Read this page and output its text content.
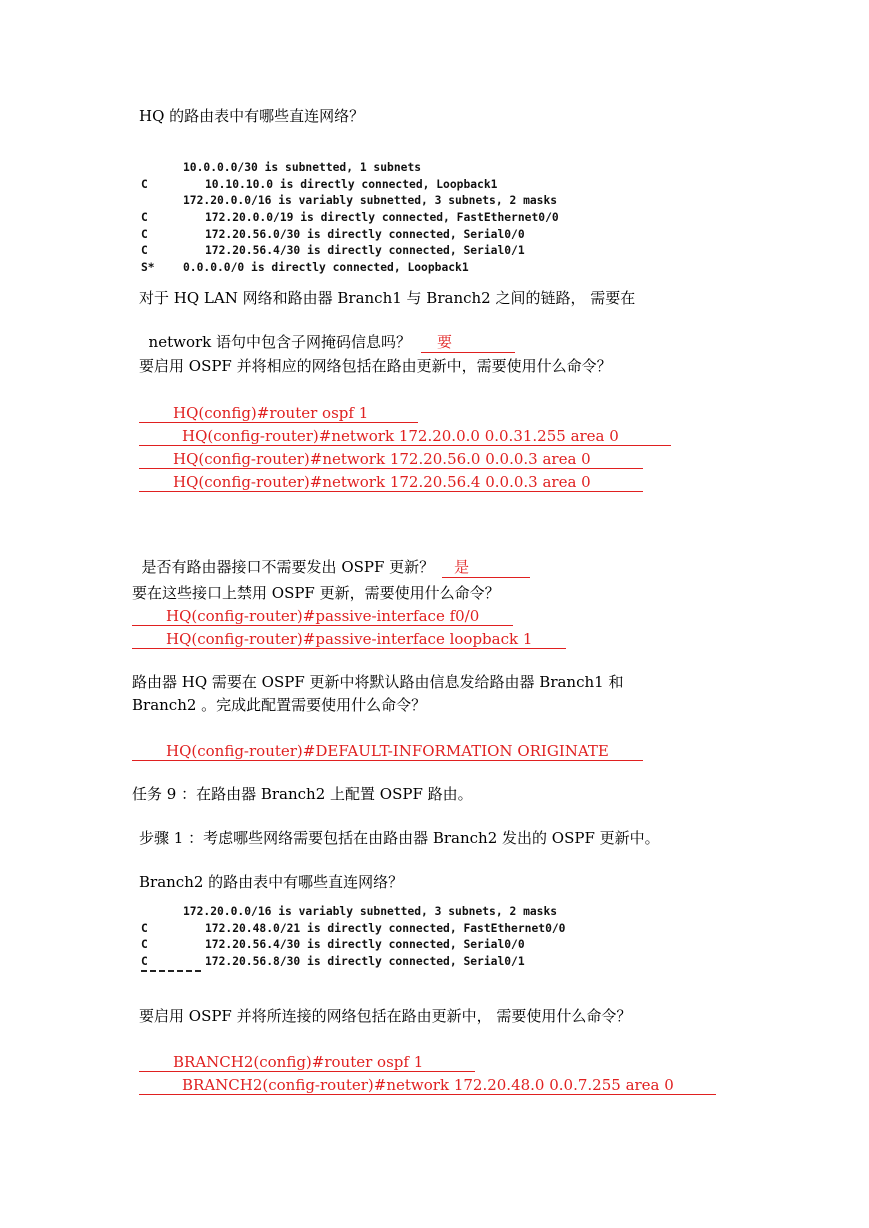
HQ 的路由表中有哪些直连网络？
10.0.0.0/30 is subnetted, 1 subnets
C	10.10.10.0 is directly connected, Loopback1
172.20.0.0/16 is variably subnetted, 3 subnets, 2 masks
C	172.20.0.0/19 is directly connected, FastEthernet0/0
C	172.20.56.0/30 is directly connected, Serial0/0
C	172.20.56.4/30 is directly connected, Serial0/1
S*	0.0.0.0/0 is directly connected, Loopback1
对于 HQ LAN 网络和路由器 Branch1 与 Branch2 之间的链路， 需要在

network 语句中包含子网掩码信息吗？ 要

要启用 OSPF 并将相应的网络包括在路由更新中，需要使用什么命令？
HQ(config)#router ospf 1
HQ(config-router)#network 172.20.0.0 0.0.31.255 area 0
HQ(config-router)#network 172.20.56.0 0.0.0.3 area 0
HQ(config-router)#network 172.20.56.4 0.0.0.3 area 0

是否有路由器接口不需要发出 OSPF 更新？ 是

要在这些接口上禁用 OSPF 更新，需要使用什么命令？
HQ(config-router)#passive-interface f0/0
HQ(config-router)#passive-interface loopback 1
路由器 HQ 需要在 OSPF 更新中将默认路由信息发给路由器 Branch1 和
Branch2 。完成此配置需要使用什么命令？
HQ(config-router)#DEFAULT-INFORMATION ORIGINATE
任务 9 ：在路由器 Branch2 上配置 OSPF 路由。
步骤 1 ：考虑哪些网络需要包括在由路由器 Branch2 发出的 OSPF 更新中。
Branch2 的路由表中有哪些直连网络？
172.20.0.0/16 is variably subnetted, 3 subnets, 2 masks
C	172.20.48.0/21 is directly connected, FastEthernet0/0
C	172.20.56.4/30 is directly connected, Serial0/0
C	172.20.56.8/30 is directly connected, Serial0/1
要启用 OSPF 并将所连接的网络包括在路由更新中， 需要使用什么命令？
BRANCH2(config)#router ospf 1
BRANCH2(config-router)#network 172.20.48.0 0.0.7.255 area 0
